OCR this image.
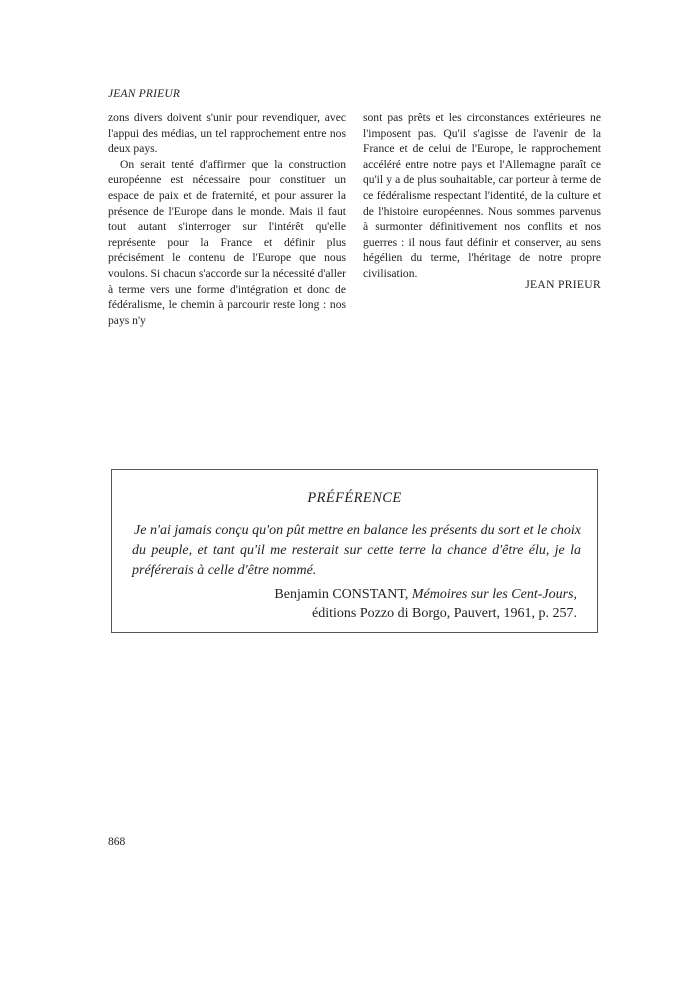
JEAN PRIEUR

zons divers doivent s'unir pour revendiquer, avec l'appui des médias, un tel rapprochement entre nos deux pays.

On serait tenté d'affirmer que la construction européenne est nécessaire pour constituer un espace de paix et de fraternité, et pour assurer la présence de l'Europe dans le monde. Mais il faut tout autant s'interroger sur l'intérêt qu'elle représente pour la France et définir plus précisément le contenu de l'Europe que nous voulons. Si chacun s'accorde sur la nécessité d'aller à terme vers une forme d'intégration et donc de fédéralisme, le chemin à parcourir reste long : nos pays n'y

sont pas prêts et les circonstances extérieures ne l'imposent pas. Qu'il s'agisse de l'avenir de la France et de celui de l'Europe, le rapprochement accéléré entre notre pays et l'Allemagne paraît ce qu'il y a de plus souhaitable, car porteur à terme de ce fédéralisme respectant l'identité, de la culture et de l'histoire européennes. Nous sommes parvenus à surmonter définitivement nos conflits et nos guerres : il nous faut définir et conserver, au sens hégélien du terme, l'héritage de notre propre civilisation.

JEAN PRIEUR
PRÉFÉRENCE
Je n'ai jamais conçu qu'on pût mettre en balance les présents du sort et le choix du peuple, et tant qu'il me resterait sur cette terre la chance d'être élu, je la préférerais à celle d'être nommé.
Benjamin CONSTANT, Mémoires sur les Cent-Jours,
éditions Pozzo di Borgo, Pauvert, 1961, p. 257.
868
